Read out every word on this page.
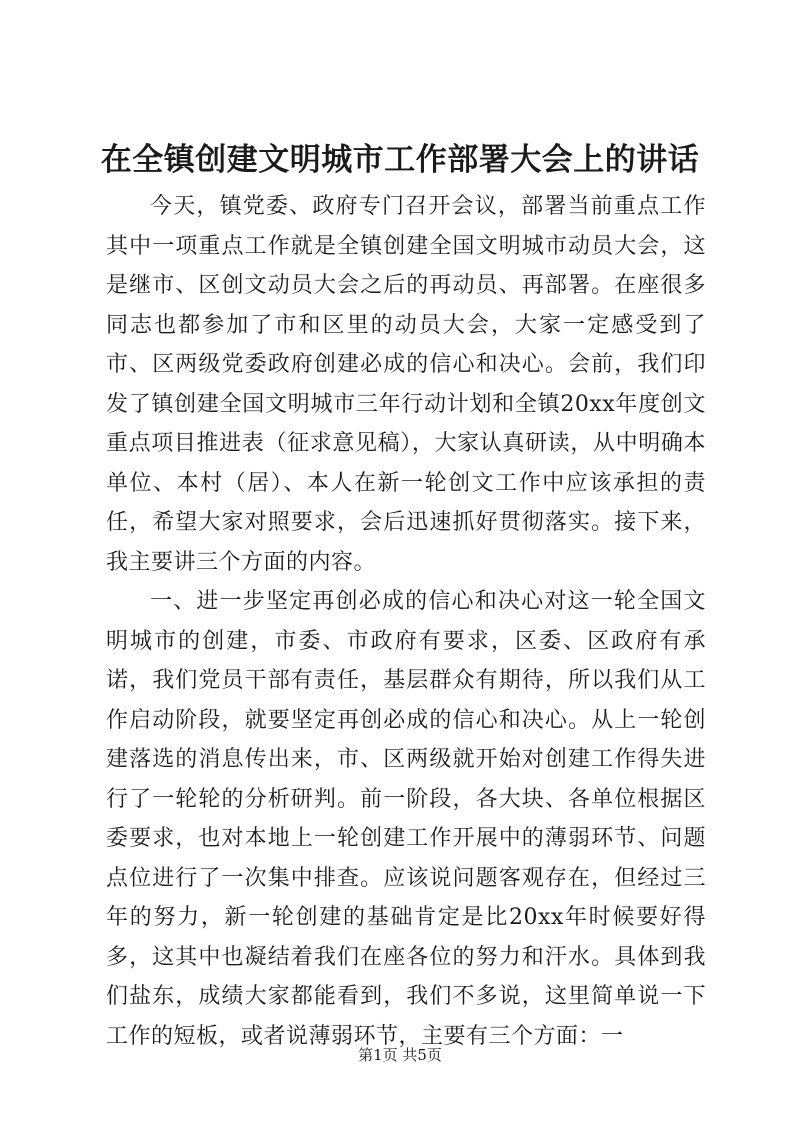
在全镇创建文明城市工作部署大会上的讲话

今天，镇党委、政府专门召开会议，部署当前重点工作其中一项重点工作就是全镇创建全国文明城市动员大会，这是继市、区创文动员大会之后的再动员、再部署。在座很多同志也都参加了市和区里的动员大会，大家一定感受到了市、区两级党委政府创建必成的信心和决心。会前，我们印发了镇创建全国文明城市三年行动计划和全镇20xx年度创文重点项目推进表（征求意见稿），大家认真研读，从中明确本单位、本村（居）、本人在新一轮创文工作中应该承担的责任，希望大家对照要求，会后迅速抓好贯彻落实。接下来，我主要讲三个方面的内容。

一、进一步坚定再创必成的信心和决心对这一轮全国文明城市的创建，市委、市政府有要求，区委、区政府有承诺，我们党员干部有责任，基层群众有期待，所以我们从工作启动阶段，就要坚定再创必成的信心和决心。从上一轮创建落选的消息传出来，市、区两级就开始对创建工作得失进行了一轮轮的分析研判。前一阶段，各大块、各单位根据区委要求，也对本地上一轮创建工作开展中的薄弱环节、问题点位进行了一次集中排查。应该说问题客观存在，但经过三年的努力，新一轮创建的基础肯定是比20xx年时候要好得多，这其中也凝结着我们在座各位的努力和汗水。具体到我们盐东，成绩大家都能看到，我们不多说，这里简单说一下工作的短板，或者说薄弱环节，主要有三个方面：一

第1页 共5页
